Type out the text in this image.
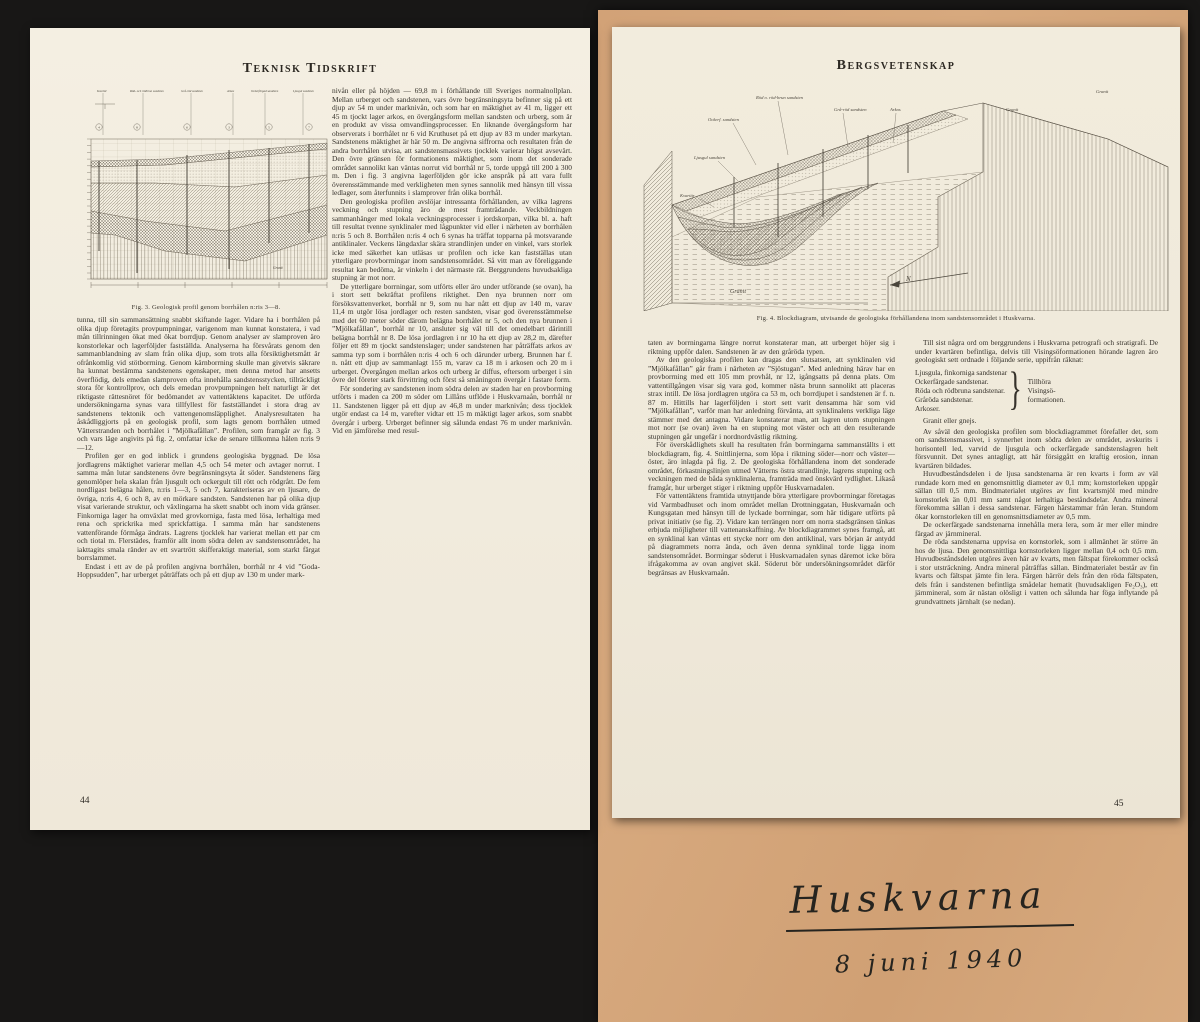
Teknisk Tidskrift
Kvartär	Röd- och rödbrun sandsten	Grå-röd sandsten	Arkos	Ockerfärgad sandsten	Ljusgul sandsten
4	8	6	3	5	7
Granit
Fig. 3. Geologisk profil genom borrhålen n:ris 3—8.

tunna, till sin sammansättning snabbt skiftande lager. Vidare ha i borrhålen på olika djup företagits provpumpningar, varigenom man kunnat konstatera, i vad mån tillrinningen ökat med ökat borrdjup. Genom analyser av slamproven äro konstorlekar och lagerföljder fastställda. Analyserna ha försvårats genom den sammanblandning av slam från olika djup, som trots alla försiktighetsmått är ofrånkomlig vid stötborrning. Genom kärnborrning skulle man givetvis säkrare ha kunnat bestämma sandstenens egenskaper, men denna metod har ansetts överflödig, dels emedan slamproven ofta innehålla sandstensstycken, tillräckligt stora för kontrollprov, och dels emedan provpumpningen helt naturligt är det riktigaste rättesnöret för bedömandet av vattentäktens kapacitet. De utförda undersökningarna synas vara tillfyllest för fastställandet i stora drag av sandstenens tektonik och vattengenomsläpplighet. Analysresultaten ha åskådliggjorts på en geologisk profil, som lagts genom borrhålen utmed Vätterstranden och borrhålet i ”Mjölkafållan”. Profilen, som framgår av fig. 3 och vars läge angivits på fig. 2, omfattar icke de senare tillkomna hålen n:ris 9—12.

Profilen ger en god inblick i grundens geologiska byggnad. De lösa jordlagrens mäktighet varierar mellan 4,5 och 54 meter och avtager norrut. I samma mån lutar sandstenens övre begränsningsyta åt söder. Sandstenens färg genomlöper hela skalan från ljusgult och ockergult till rött och rödgrått. De fem nordligast belägna hålen, n:ris 1—3, 5 och 7, karakteriseras av en ljusare, de övriga, n:ris 4, 6 och 8, av en mörkare sandsten. Sandstenen har på olika djup visat varierande struktur, och växlingarna ha skett snabbt och inom vida gränser. Finkorniga lager ha omväxlat med grovkorniga, fasta med lösa, lerhaltiga med rena och sprickrika med sprickfattiga. I samma mån har sandstenens vattenförande förmåga ändrats. Lagrens tjocklek har varierat mellan ett par cm och tiotal m. Flerstädes, framför allt inom södra delen av sandstensområdet, ha iakttagits smala ränder av ett svartrött skifferaktigt material, som starkt färgat borrslammet.

Endast i ett av de på profilen angivna borrhålen, borrhål nr 4 vid ”Goda-Hoppsudden”, har urberget påträffats och på ett djup av 130 m under mark-

nivån eller på höjden — 69,8 m i förhållande till Sveriges normalnollplan. Mellan urberget och sandstenen, vars övre begränsningsyta befinner sig på ett djup av 54 m under marknivån, och som har en mäktighet av 41 m, ligger ett 45 m tjockt lager arkos, en övergångsform mellan sandsten och urberg, som är en produkt av vissa omvandlingsprocesser. En liknande övergångsform har observerats i borrhålet nr 6 vid Kruthuset på ett djup av 83 m under markytan. Sandstenens mäktighet är här 50 m. De angivna siffrorna och resultaten från de andra borrhålen utvisa, att sandstensmassivets tjocklek varierar högst avsevärt. Den övre gränsen för formationens mäktighet, som inom det sonderade området sannolikt kan väntas norrut vid borrhål nr 5, torde uppgå till 200 à 300 m. Den i fig. 3 angivna lagerföljden gör icke anspråk på att vara fullt överensstämmande med verkligheten men synes sannolik med hänsyn till vissa ledlager, som återfunnits i slamprover från olika borrhål.

Den geologiska profilen avslöjar intressanta förhållanden, av vilka lagrens veckning och stupning äro de mest framträdande. Veckbildningen sammanhänger med lokala veckningsprocesser i jordskorpan, vilka bl. a. haft till resultat tvenne synklinaler med lågpunkter vid eller i närheten av borrhålen n:ris 5 och 8. Borrhålen n:ris 4 och 6 synas ha träffat topparna på motsvarande antiklinaler. Veckens längdaxlar skära strandlinjen under en vinkel, vars storlek icke med säkerhet kan utläsas ur profilen och icke kan fastställas utan ytterligare provborrningar inom sandstensområdet. Så vitt man av föreliggande resultat kan bedöma, är vinkeln i det närmaste rät. Berggrundens huvudsakliga stupning är mot norr.

De ytterligare borrningar, som utförts eller äro under utförande (se ovan), ha i stort sett bekräftat profilens riktighet. Den nya brunnen norr om försöksvattenverket, borrhål nr 9, som nu har nått ett djup av 140 m, varav 11,4 m utgör lösa jordlager och resten sandsten, visar god överensstämmelse med det 60 meter söder därom belägna borrhålet nr 5, och den nya brunnen i ”Mjölkafållan”, borrhål nr 10, ansluter sig väl till det omedelbart därintill belägna borrhål nr 8. De lösa jordlagren i nr 10 ha ett djup av 28,2 m, därefter följer ett 89 m tjockt sandstenslager; under sandstenen har påträffats arkos av samma typ som i borrhålen n:ris 4 och 6 och därunder urberg. Brunnen har f. n. nått ett djup av sammanlagt 155 m, varav ca 18 m i arkosen och 20 m i urberget. Övergången mellan arkos och urberg är diffus, eftersom urberget i sin övre del företer stark förvittring och först så småningom övergår i fastare form.

För sondering av sandstenen inom södra delen av staden har en provborrning utförts i maden ca 200 m söder om Lillåns utflöde i Huskvarnaån, borrhål nr 11. Sandstenen ligger på ett djup av 46,8 m under marknivån; dess tjocklek utgör endast ca 14 m, varefter vidtar ett 15 m mäktigt lager arkos, som snabbt övergår i urberg. Urberget befinner sig sålunda endast 76 m under marknivån. Vid en jämförelse med resul-

44
Bergsvetenskap
Röd o. röd-brun sandsten
Grå-röd sandsten	Arkos
Ockerf. sandsten
Ljusgul sandsten
Kvartär
Granit
Granit
Granit
N
Fig. 4. Blockdiagram, utvisande de geologiska förhållandena inom sandstensområdet i Huskvarna.

taten av borrningarna längre norrut konstaterar man, att urberget höjer sig i riktning uppför dalen. Sandstenen är av den gråröda typen.

Av den geologiska profilen kan dragas den slutsatsen, att synklinalen vid ”Mjölkafållan” går fram i närheten av ”Sjöstugan”. Med anledning härav har en provborrning med ett 105 mm provhål, nr 12, igångsatts på denna plats. Om vattentillgången visar sig vara god, kommer nästa brunn sannolikt att placeras strax intill. De lösa jordlagren utgöra ca 53 m, och borrdjupet i sandstenen är f. n. 87 m. Hittills har lagerföljden i stort sett varit densamma här som vid ”Mjölkafållan”, varför man har anledning förvänta, att synklinalens verkliga läge stämmer med det antagna. Vidare konstaterar man, att lagren utom stupningen mot norr (se ovan) även ha en stupning mot väster och att den resulterande stupningen går ungefär i nordnordvästlig riktning.

För överskådlighets skull ha resultaten från borrningarna sammanställts i ett blockdiagram, fig. 4. Snittlinjerna, som löpa i riktning söder—norr och väster—öster, äro inlagda på fig. 2. De geologiska förhållandena inom det sonderade området, förkastningslinjen utmed Vätterns östra strandlinje, lagrens stupning och veckningen med de båda synklinalerna, framträda med önskvärd tydlighet. Likaså framgår, hur urberget stiger i riktning uppför Huskvarnadalen.

För vattentäktens framtida utnyttjande böra ytterligare provborrningar företagas vid Varmbadhuset och inom området mellan Drottninggatan, Huskvarnaån och Kungsgatan med hänsyn till de lyckade borrningar, som här tidigare utförts på privat initiativ (se fig. 2). Vidare kan terrängen norr om norra stadsgränsen tänkas erbjuda möjligheter till vattenanskaffning. Av blockdiagrammet synes framgå, att en synklinal kan väntas ett stycke norr om den antiklinal, vars början är antydd på diagrammets norra ända, och även denna synklinal torde ligga inom sandstensområdet. Borrningar söderut i Huskvarnadalen synas däremot icke böra ifrågakomma av ovan angivet skäl. Söderut bör undersökningsområdet därför begränsas av Huskvarnaån.

Till sist några ord om berggrundens i Huskvarna petrografi och stratigrafi. De under kvartären befintliga, delvis till Visingsöformationen hörande lagren äro geologiskt sett ordnade i följande serie, uppifrån räknat:

Ljusgula, finkorniga sandstenar
Ockerfärgade sandstenar.
Röda och rödbruna sandstenar.
Gråröda sandstenar.
Arkoser.	} Tillhöra
Visingsö-
formationen.

Granit eller gnejs.

Av såväl den geologiska profilen som blockdiagrammet förefaller det, som om sandstensmassivet, i synnerhet inom södra delen av området, avskurits i horisontell led, varvid de ljusgula och ockerfärgade sandstenslagren helt försvunnit. Det synes antagligt, att här försiggått en kraftig erosion, innan kvartären bildades.

Huvudbeståndsdelen i de ljusa sandstenarna är ren kvarts i form av väl rundade korn med en genomsnittlig diameter av 0,1 mm; kornstorleken uppgår sällan till 0,5 mm. Bindmaterialet utgöres av fint kvartsmjöl med mindre kornstorlek än 0,01 mm samt något lerhaltiga beståndsdelar. Andra mineral förekomma sällan i dessa sandstenar. Färgen härstammar från leran. Stundom ökar kornstorleken till en genomsnittsdiameter av 0,5 mm.

De ockerfärgade sandstenarna innehålla mera lera, som är mer eller mindre färgad av järnmineral.

De röda sandstenarna uppvisa en kornstorlek, som i allmänhet är större än hos de ljusa. Den genomsnittliga kornstorleken ligger mellan 0,4 och 0,5 mm. Huvudbeståndsdelen utgöres även här av kvarts, men fältspat förekommer också i stor utsträckning. Andra mineral påträffas sällan. Bindmaterialet består av fin kvarts och fältspat jämte fin lera. Färgen härrör dels från den röda fältspaten, dels från i sandstenen befintliga smådelar hematit (huvudsakligen Fe₂O₃), ett järnmineral, som är nästan olösligt i vatten och sålunda har föga inflytande på grundvattnets järnhalt (se nedan).

45
Huskvarna
8 juni 1940
